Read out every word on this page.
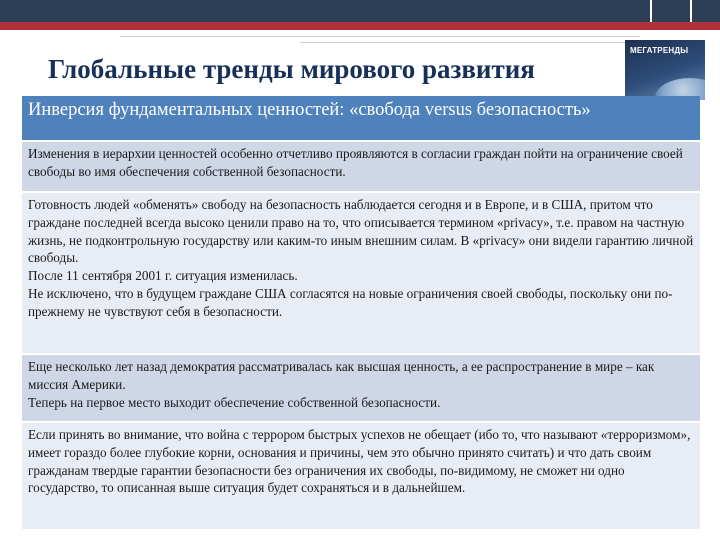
МЕГАТРЕНДЫ
Глобальные тренды мирового развития
Инверсия фундаментальных ценностей: «свобода versus безопасность»
Изменения в иерархии ценностей особенно отчетливо проявляются в согласии граждан пойти на ограничение своей свободы во имя обеспечения собственной безопасности.
Готовность людей «обменять» свободу на безопасность наблюдается сегодня и в Европе, и в США, притом что граждане последней всегда высоко ценили право на то, что описывается термином «privacy», т.е. правом на частную жизнь, не подконтрольную государству или каким-то иным внешним силам. В «privacy» они видели гарантию личной свободы.
После 11 сентября 2001 г. ситуация изменилась.
Не исключено, что в будущем граждане США согласятся на новые ограничения своей свободы, поскольку они по-прежнему не чувствуют себя в безопасности.
Еще несколько лет назад демократия рассматривалась как высшая ценность, а ее распространение в мире – как миссия Америки.
Теперь на первое место выходит обеспечение собственной безопасности.
Если принять во внимание, что война с террором быстрых успехов не обещает (ибо то, что называют «терроризмом», имеет гораздо более глубокие корни, основания и причины, чем это обычно принято считать) и что дать своим гражданам твердые гарантии безопасности без ограничения их свободы, по-видимому, не сможет ни одно государство, то описанная выше ситуация будет сохраняться и в дальнейшем.
